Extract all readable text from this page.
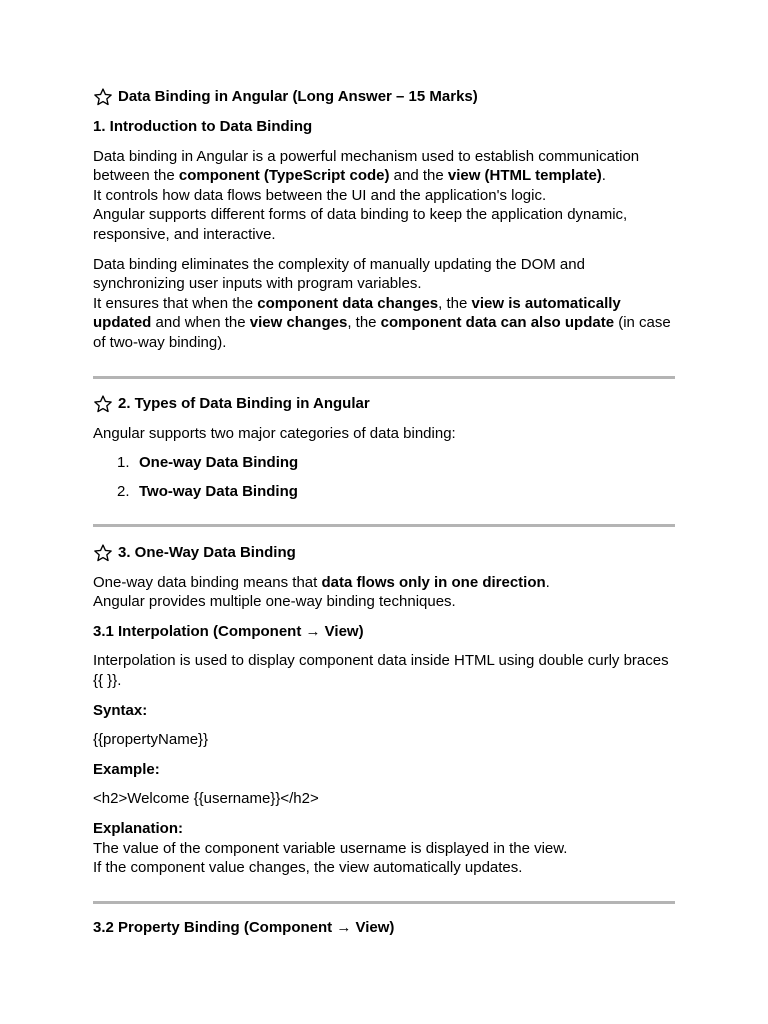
Data Binding in Angular (Long Answer – 15 Marks)

1. Introduction to Data Binding

Data binding in Angular is a powerful mechanism used to establish communication between the component (TypeScript code) and the view (HTML template).
It controls how data flows between the UI and the application's logic.
Angular supports different forms of data binding to keep the application dynamic, responsive, and interactive.

Data binding eliminates the complexity of manually updating the DOM and synchronizing user inputs with program variables.
It ensures that when the component data changes, the view is automatically updated and when the view changes, the component data can also update (in case of two-way binding).

2. Types of Data Binding in Angular

Angular supports two major categories of data binding:

1. One-way Data Binding
2. Two-way Data Binding
3. One-Way Data Binding

One-way data binding means that data flows only in one direction.
Angular provides multiple one-way binding techniques.

3.1 Interpolation (Component → View)

Interpolation is used to display component data inside HTML using double curly braces {{ }}.

Syntax:

{{propertyName}}

Example:

<h2>Welcome {{username}}</h2>

Explanation:
The value of the component variable username is displayed in the view.
If the component value changes, the view automatically updates.

3.2 Property Binding (Component → View)
